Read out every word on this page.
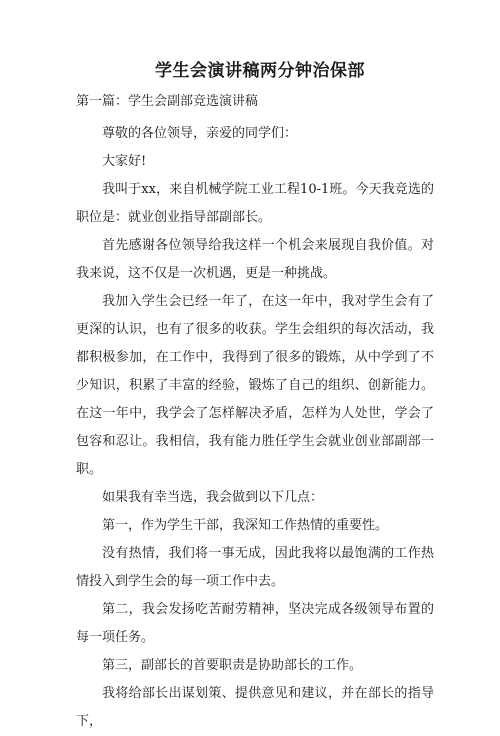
学生会演讲稿两分钟治保部

第一篇：学生会副部竞选演讲稿

尊敬的各位领导，亲爱的同学们：

大家好!

我叫于xx，来自机械学院工业工程10-1班。今天我竞选的职位是：就业创业指导部副部长。

首先感谢各位领导给我这样一个机会来展现自我价值。对我来说，这不仅是一次机遇，更是一种挑战。

我加入学生会已经一年了，在这一年中，我对学生会有了更深的认识，也有了很多的收获。学生会组织的每次活动，我都积极参加，在工作中，我得到了很多的锻炼，从中学到了不少知识，积累了丰富的经验，锻炼了自己的组织、创新能力。在这一年中，我学会了怎样解决矛盾，怎样为人处世，学会了包容和忍让。我相信，我有能力胜任学生会就业创业部副部一职。

如果我有幸当选，我会做到以下几点：

第一，作为学生干部，我深知工作热情的重要性。

没有热情，我们将一事无成，因此我将以最饱满的工作热情投入到学生会的每一项工作中去。

第二，我会发扬吃苦耐劳精神，坚决完成各级领导布置的每一项任务。

第三，副部长的首要职责是协助部长的工作。

我将给部长出谋划策、提供意见和建议，并在部长的指导下，
